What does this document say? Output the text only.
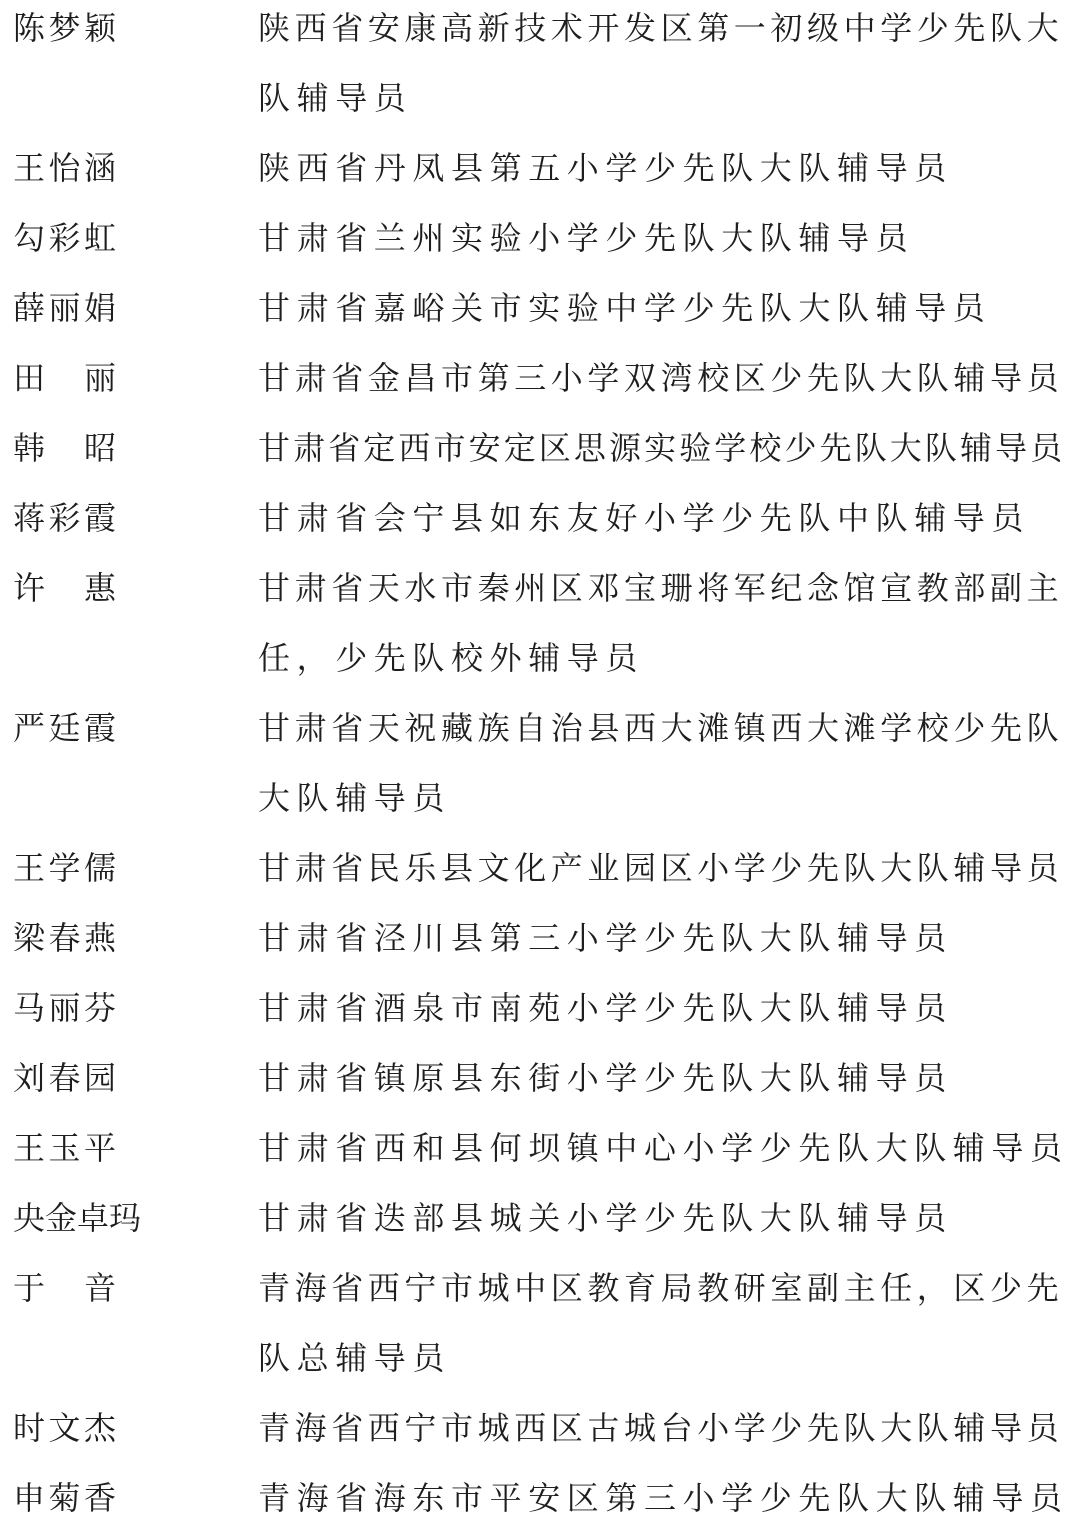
陈梦颖	陕西省安康高新技术开发区第一初级中学少先队大
队辅导员
王怡涵	陕西省丹凤县第五小学少先队大队辅导员
勾彩虹	甘肃省兰州实验小学少先队大队辅导员
薛丽娟	甘肃省嘉峪关市实验中学少先队大队辅导员
田丽	甘肃省金昌市第三小学双湾校区少先队大队辅导员
韩昭	甘肃省定西市安定区思源实验学校少先队大队辅导员
蒋彩霞	甘肃省会宁县如东友好小学少先队中队辅导员
许惠	甘肃省天水市秦州区邓宝珊将军纪念馆宣教部副主
任，少先队校外辅导员
严廷霞	甘肃省天祝藏族自治县西大滩镇西大滩学校少先队
大队辅导员
王学儒	甘肃省民乐县文化产业园区小学少先队大队辅导员
梁春燕	甘肃省泾川县第三小学少先队大队辅导员
马丽芬	甘肃省酒泉市南苑小学少先队大队辅导员
刘春园	甘肃省镇原县东街小学少先队大队辅导员
王玉平	甘肃省西和县何坝镇中心小学少先队大队辅导员
央金卓玛	甘肃省迭部县城关小学少先队大队辅导员
于音	青海省西宁市城中区教育局教研室副主任，区少先
队总辅导员
时文杰	青海省西宁市城西区古城台小学少先队大队辅导员
申菊香	青海省海东市平安区第三小学少先队大队辅导员
